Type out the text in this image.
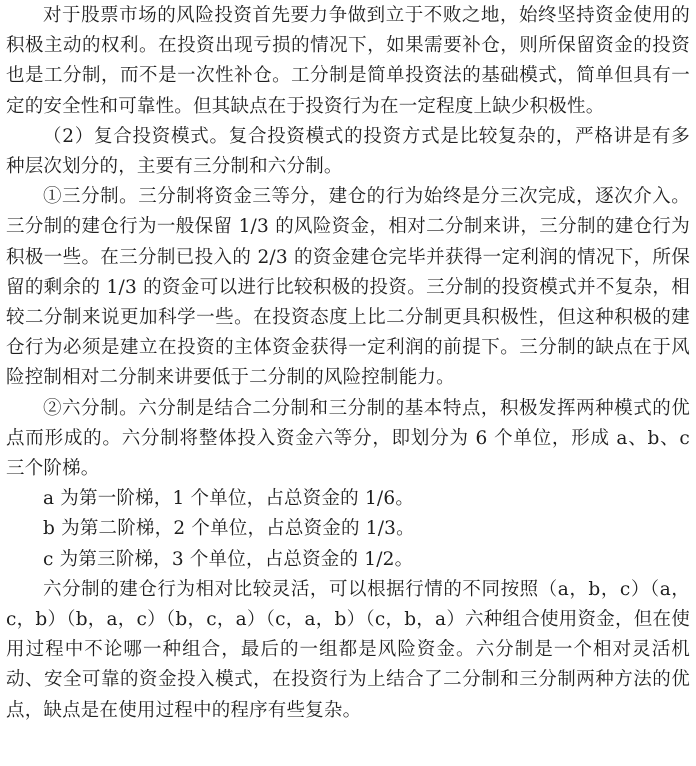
对于股票市场的风险投资首先要力争做到立于不败之地，始终坚持资金使用的积极主动的权利。在投资出现亏损的情况下，如果需要补仓，则所保留资金的投资也是工分制，而不是一次性补仓。工分制是简单投资法的基础模式，简单但具有一定的安全性和可靠性。但其缺点在于投资行为在一定程度上缺少积极性。

（2）复合投资模式。复合投资模式的投资方式是比较复杂的，严格讲是有多种层次划分的，主要有三分制和六分制。

①三分制。三分制将资金三等分，建仓的行为始终是分三次完成，逐次介入。三分制的建仓行为一般保留 1/3 的风险资金，相对二分制来讲，三分制的建仓行为积极一些。在三分制已投入的 2/3 的资金建仓完毕并获得一定利润的情况下，所保留的剩余的 1/3 的资金可以进行比较积极的投资。三分制的投资模式并不复杂，相较二分制来说更加科学一些。在投资态度上比二分制更具积极性，但这种积极的建仓行为必须是建立在投资的主体资金获得一定利润的前提下。三分制的缺点在于风险控制相对二分制来讲要低于二分制的风险控制能力。

②六分制。六分制是结合二分制和三分制的基本特点，积极发挥两种模式的优点而形成的。六分制将整体投入资金六等分，即划分为 6 个单位，形成 a、b、c 三个阶梯。

a 为第一阶梯，1 个单位，占总资金的 1/6。

b 为第二阶梯，2 个单位，占总资金的 1/3。

c 为第三阶梯，3 个单位，占总资金的 1/2。

六分制的建仓行为相对比较灵活，可以根据行情的不同按照（a，b，c）（a，c，b）（b，a，c）（b，c，a）（c，a，b）（c，b，a）六种组合使用资金，但在使用过程中不论哪一种组合，最后的一组都是风险资金。六分制是一个相对灵活机动、安全可靠的资金投入模式，在投资行为上结合了二分制和三分制两种方法的优点，缺点是在使用过程中的程序有些复杂。
